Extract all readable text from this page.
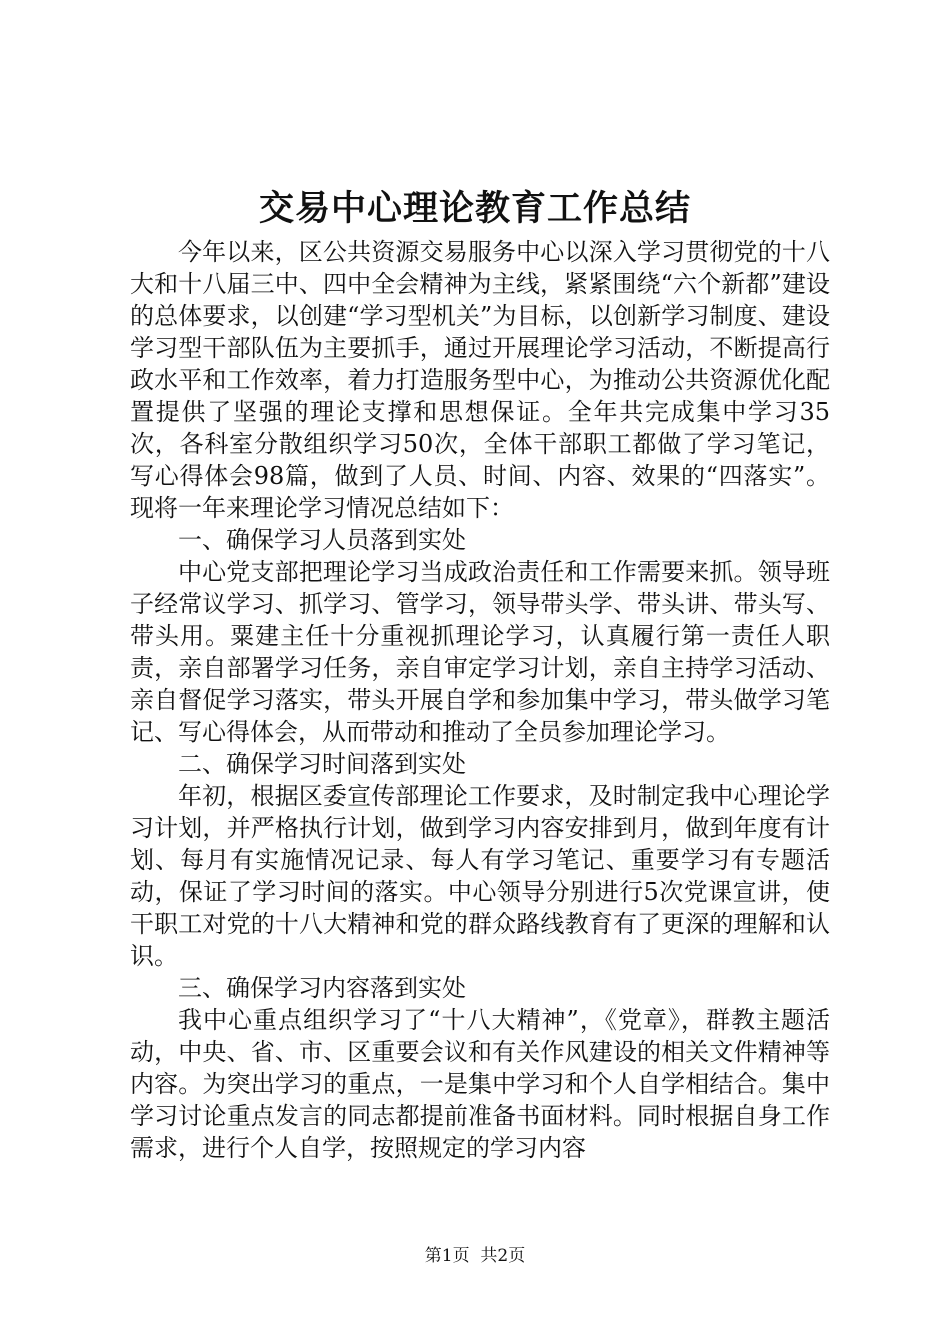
交易中心理论教育工作总结

今年以来，区公共资源交易服务中心以深入学习贯彻党的十八大和十八届三中、四中全会精神为主线，紧紧围绕“六个新都”建设的总体要求，以创建“学习型机关”为目标，以创新学习制度、建设学习型干部队伍为主要抓手，通过开展理论学习活动，不断提高行政水平和工作效率，着力打造服务型中心，为推动公共资源优化配置提供了坚强的理论支撑和思想保证。全年共完成集中学习35次，各科室分散组织学习50次，全体干部职工都做了学习笔记，写心得体会98篇，做到了人员、时间、内容、效果的“四落实”。现将一年来理论学习情况总结如下：

一、确保学习人员落到实处

中心党支部把理论学习当成政治责任和工作需要来抓。领导班子经常议学习、抓学习、管学习，领导带头学、带头讲、带头写、带头用。粟建主任十分重视抓理论学习，认真履行第一责任人职责，亲自部署学习任务，亲自审定学习计划，亲自主持学习活动、亲自督促学习落实，带头开展自学和参加集中学习，带头做学习笔记、写心得体会，从而带动和推动了全员参加理论学习。

二、确保学习时间落到实处

年初，根据区委宣传部理论工作要求，及时制定我中心理论学习计划，并严格执行计划，做到学习内容安排到月，做到年度有计划、每月有实施情况记录、每人有学习笔记、重要学习有专题活动，保证了学习时间的落实。中心领导分别进行5次党课宣讲，使干职工对党的十八大精神和党的群众路线教育有了更深的理解和认识。

三、确保学习内容落到实处

我中心重点组织学习了“十八大精神”，《党章》，群教主题活动，中央、省、市、区重要会议和有关作风建设的相关文件精神等内容。为突出学习的重点，一是集中学习和个人自学相结合。集中学习讨论重点发言的同志都提前准备书面材料。同时根据自身工作需求，进行个人自学，按照规定的学习内容

第1页  共2页
